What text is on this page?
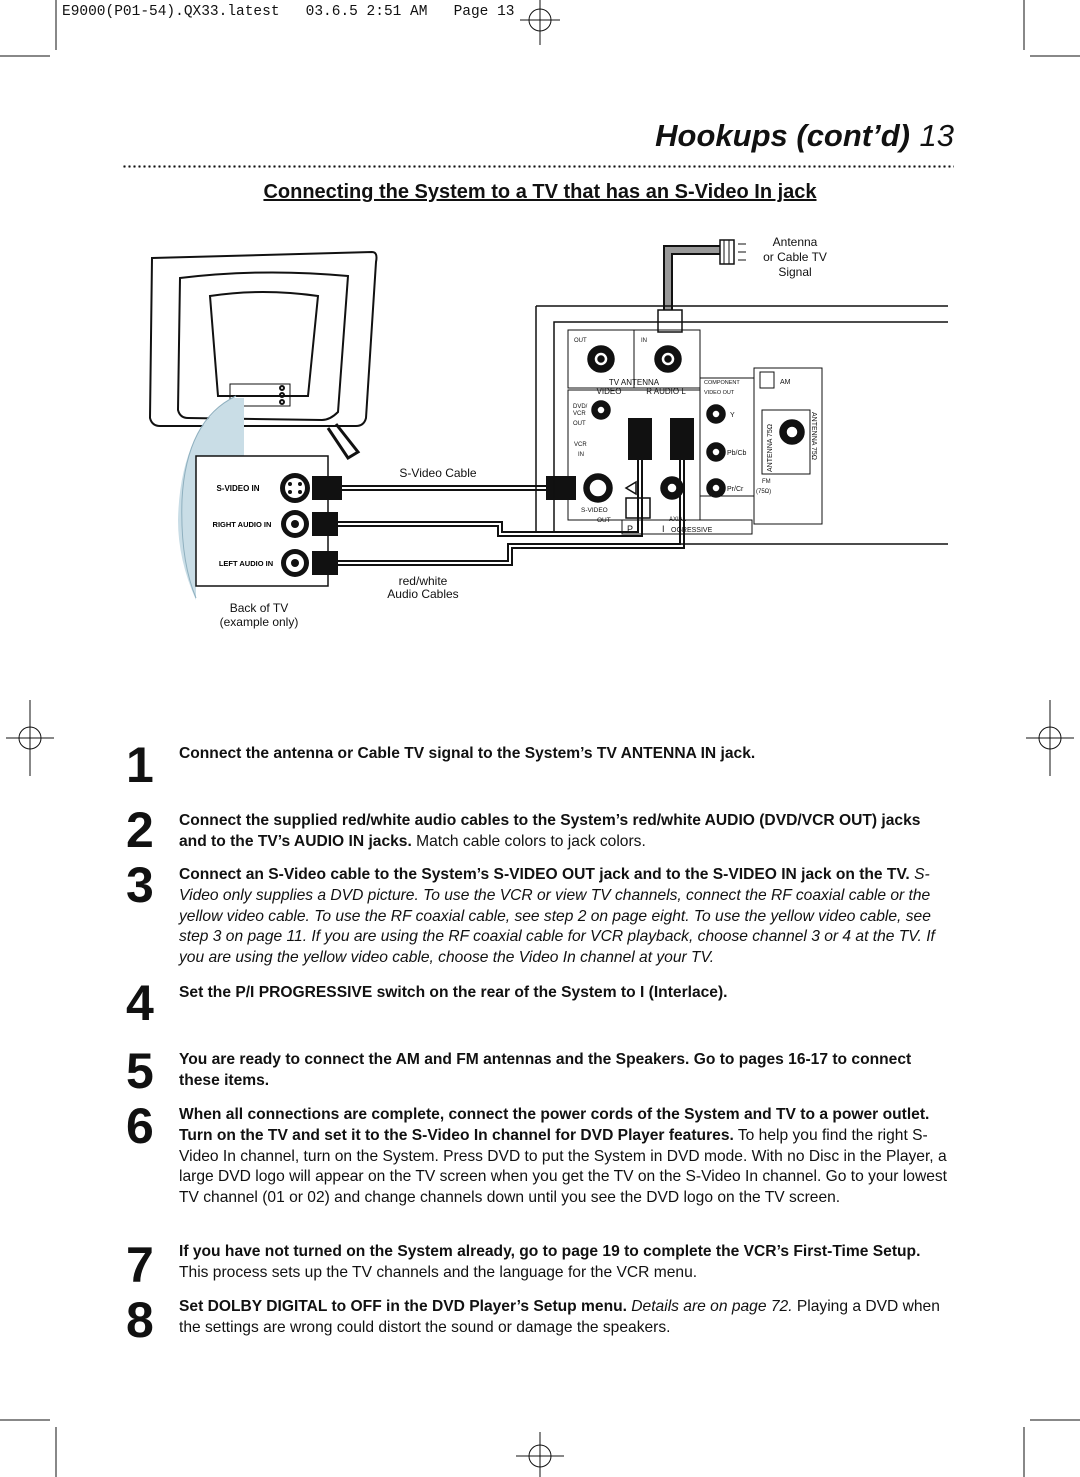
E9000(P01-54).QX33.latest   03.6.5 2:51 AM   Page 13
Hookups (cont’d) 13
Connecting the System to a TV that has an S-Video In jack
S-VIDEO IN
RIGHT AUDIO IN
LEFT AUDIO IN
OUT	IN
TV ANTENNA
VIDEO	R AUDIO L
DVD/
VCR
OUT
VCR
IN
COMPONENT
VIDEO OUT
Y
Pb/Cb
Pr/Cr
AM
FM
(75Ω)
ANTENNA 75Ω	ANTENNA 75Ω
S-VIDEO
OUT	AXIAL
P	I OGRESSIVE
Antenna
or Cable TV
Signal
S-Video Cable
red/white
Audio Cables
Back of TV
(example only)
1
2
3
4
5
6
7
8
Connect the antenna or Cable TV signal to the System’s TV ANTENNA IN jack.
Connect the supplied red/white audio cables to the System’s red/white AUDIO (DVD/VCR OUT) jacks and to the TV’s AUDIO IN jacks. Match cable colors to jack colors.
Connect an S-Video cable to the System’s S-VIDEO OUT jack and to the S-VIDEO IN jack on the TV. S-Video only supplies a DVD picture. To use the VCR or view TV channels, connect the RF coaxial cable or the yellow video cable. To use the RF coaxial cable, see step 2 on page eight. To use the yellow video cable, see step 3 on page 11. If you are using the RF coaxial cable for VCR playback, choose channel 3 or 4 at the TV. If you are using the yellow video cable, choose the Video In channel at your TV.
Set the P/I PROGRESSIVE switch on the rear of the System to I (Interlace).
You are ready to connect the AM and FM antennas and the Speakers. Go to pages 16-17 to connect these items.
When all connections are complete, connect the power cords of the System and TV to a power outlet. Turn on the TV and set it to the S-Video In channel for DVD Player features. To help you find the right S-Video In channel, turn on the System. Press DVD to put the System in DVD mode. With no Disc in the Player, a large DVD logo will appear on the TV screen when you get the TV on the S-Video In channel. Go to your lowest TV channel (01 or 02) and change channels down until you see the DVD logo on the TV screen.
If you have not turned on the System already, go to page 19 to complete the VCR’s First-Time Setup. This process sets up the TV channels and the language for the VCR menu.
Set DOLBY DIGITAL to OFF in the DVD Player’s Setup menu. Details are on page 72. Playing a DVD when the settings are wrong could distort the sound or damage the speakers.
